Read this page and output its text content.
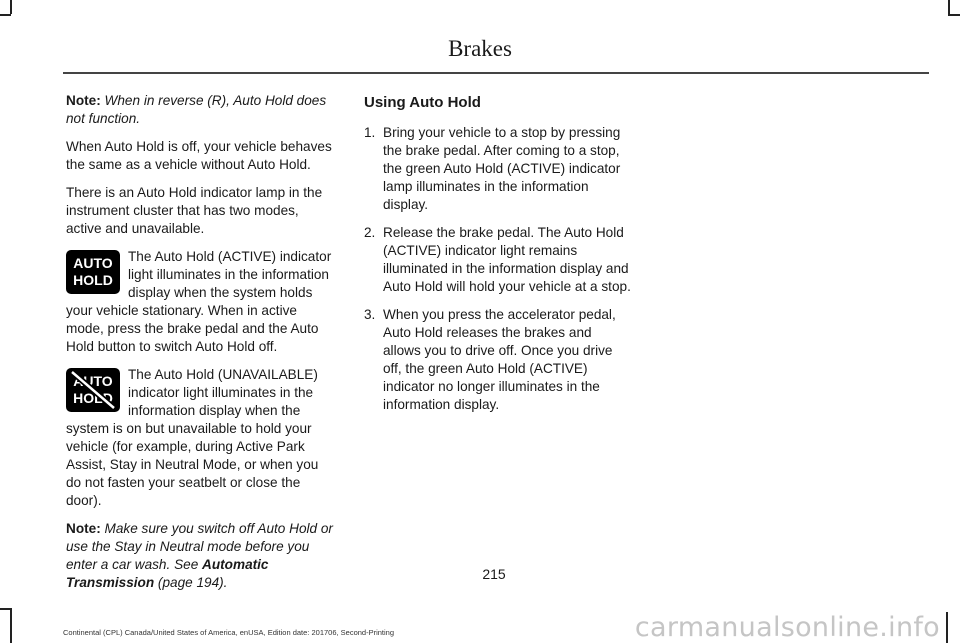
Brakes

Note: When in reverse (R), Auto Hold does not function.

When Auto Hold is off, your vehicle behaves the same as a vehicle without Auto Hold.

There is an Auto Hold indicator lamp in the instrument cluster that has two modes, active and unavailable.

AUTO
HOLD
The Auto Hold (ACTIVE) indicator light illuminates in the information display when the system holds your vehicle stationary. When in active mode, press the brake pedal and the Auto Hold button to switch Auto Hold off.
AUTO
HOLD
The Auto Hold (UNAVAILABLE) indicator light illuminates in the information display when the system is on but unavailable to hold your vehicle (for example, during Active Park Assist, Stay in Neutral Mode, or when you do not fasten your seatbelt or close the door).

Note: Make sure you switch off Auto Hold or use the Stay in Neutral mode before you enter a car wash. See Automatic Transmission (page 194).

Using Auto Hold
1. Bring your vehicle to a stop by pressing the brake pedal. After coming to a stop, the green Auto Hold (ACTIVE) indicator lamp illuminates in the information display.
2. Release the brake pedal. The Auto Hold (ACTIVE) indicator light remains illuminated in the information display and Auto Hold will hold your vehicle at a stop.
3. When you press the accelerator pedal, Auto Hold releases the brakes and allows you to drive off. Once you drive off, the green Auto Hold (ACTIVE) indicator no longer illuminates in the information display.
215
Continental (CPL) Canada/United States of America, enUSA, Edition date: 201706, Second-Printing	carmanualsonline.info
